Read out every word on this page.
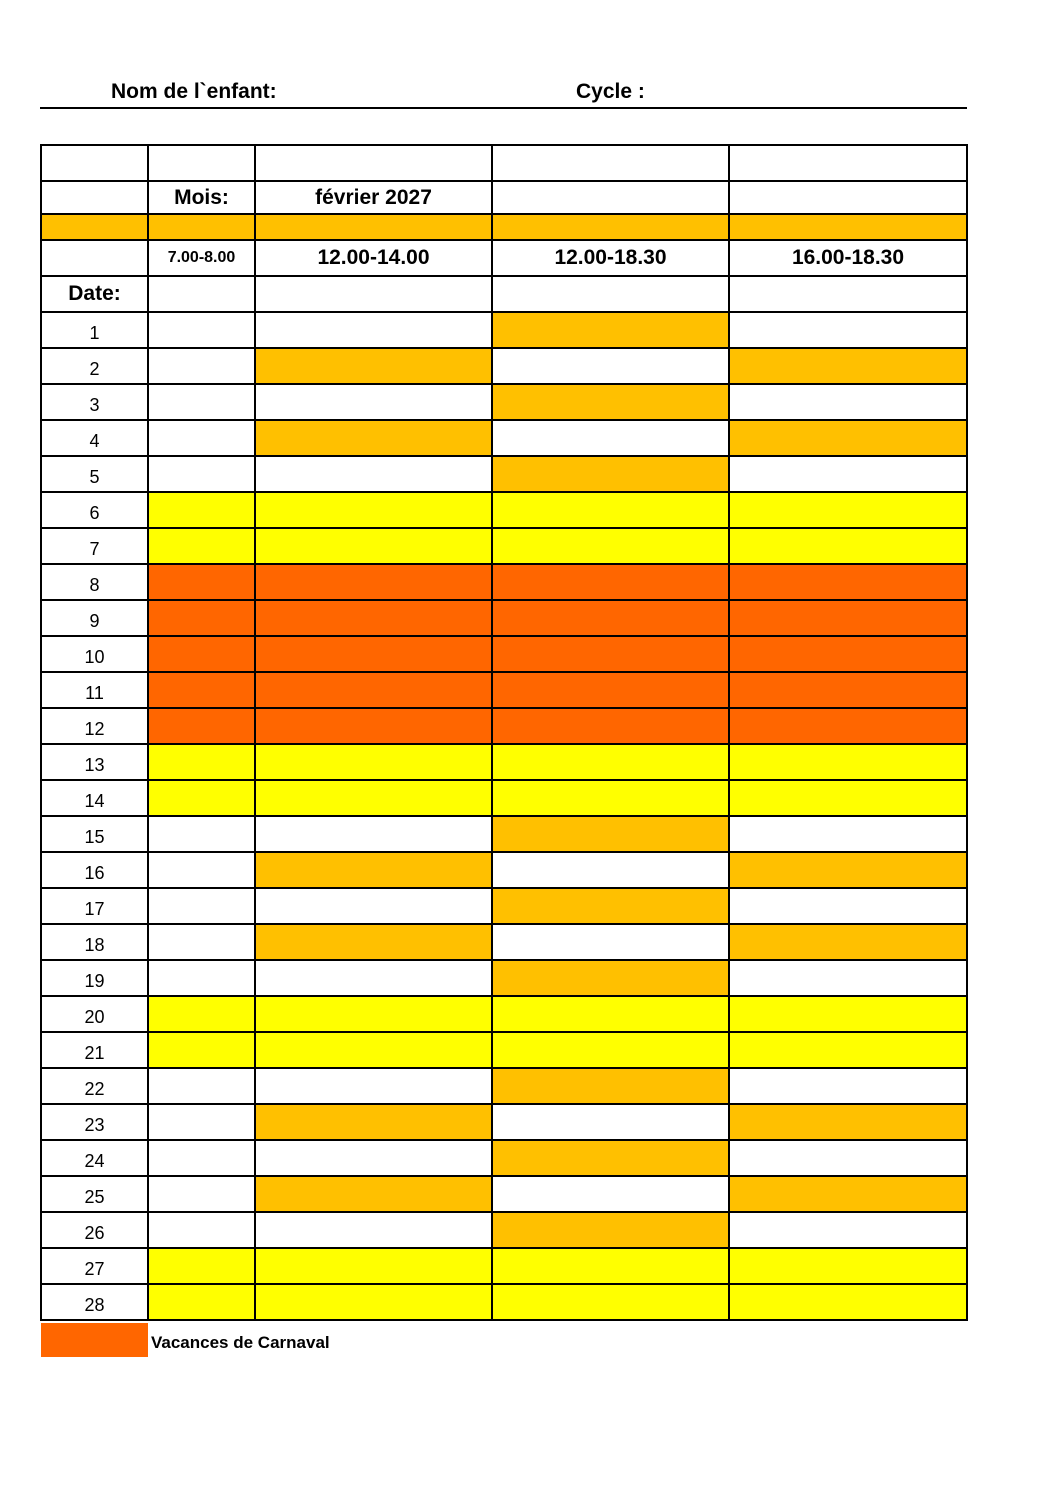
Nom de l`enfant:	Cycle :

	Mois:	février 2027		

	7.00-8.00	12.00-14.00	12.00-18.30	16.00-18.30
Date:				
1				
2				
3				
4				
5				
6				
7				
8				
9				
10				
11				
12				
13				
14				
15				
16				
17				
18				
19				
20				
21				
22				
23				
24				
25				
26				
27				
28				
Vacances de Carnaval
